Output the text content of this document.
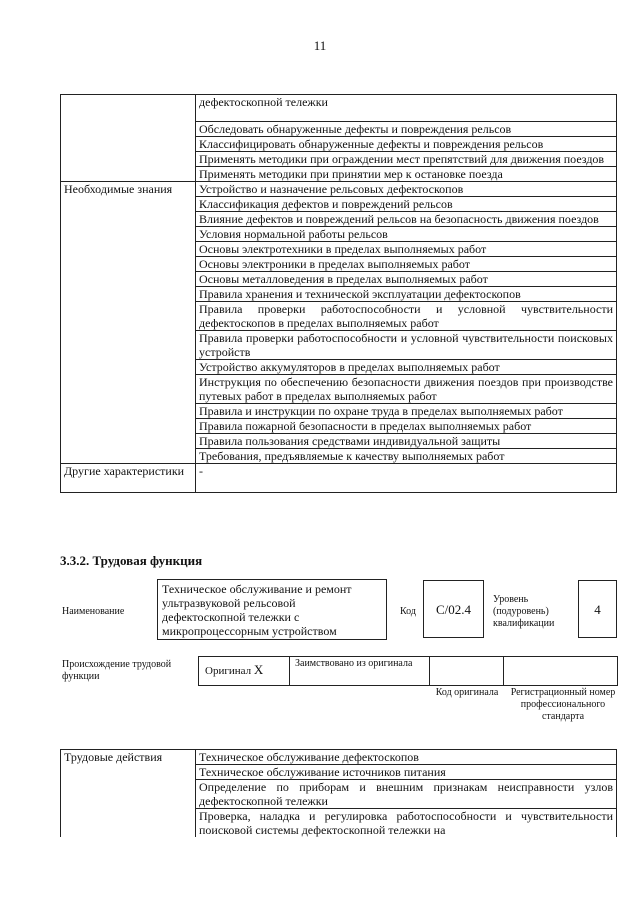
11
	дефектоскопной тележки
	Обследовать обнаруженные дефекты и повреждения рельсов
	Классифицировать обнаруженные дефекты и повреждения рельсов
	Применять методики при ограждении мест препятствий для движения поездов
	Применять методики при принятии мер к остановке поезда
Необходимые знания	Устройство и назначение рельсовых дефектоскопов
	Классификация дефектов и повреждений рельсов
	Влияние дефектов и повреждений рельсов на безопасность движения поездов
	Условия нормальной работы рельсов
	Основы электротехники в пределах выполняемых работ
	Основы электроники в пределах выполняемых работ
	Основы металловедения в пределах выполняемых работ
	Правила хранения и технической эксплуатации дефектоскопов
	Правила проверки работоспособности и условной чувствительности дефектоскопов в пределах выполняемых работ
	Правила проверки работоспособности и условной чувствительности поисковых устройств
	Устройство аккумуляторов в пределах выполняемых работ
	Инструкция по обеспечению безопасности движения поездов при производстве путевых работ в пределах выполняемых работ
	Правила и инструкции по охране труда в пределах выполняемых работ
	Правила пожарной безопасности в пределах выполняемых работ
	Правила пользования средствами индивидуальной защиты
	Требования, предъявляемые к качеству выполняемых работ
Другие характеристики	-
3.3.2. Трудовая функция
Наименование
Техническое обслуживание и ремонт ультразвуковой рельсовой дефектоскопной тележки с микропроцессорным устройством
Код	C/02.4
Уровень (подуровень) квалификации
4
Происхождение трудовой функции	Оригинал X	Заимствовано из оригинала
Код оригинала	Регистрационный номер профессионального стандарта
Трудовые действия	Техническое обслуживание дефектоскопов
Техническое обслуживание источников питания
Определение по приборам и внешним признакам неисправности узлов дефектоскопной тележки
Проверка, наладка и регулировка работоспособности и чувствительности поисковой системы дефектоскопной тележки на
